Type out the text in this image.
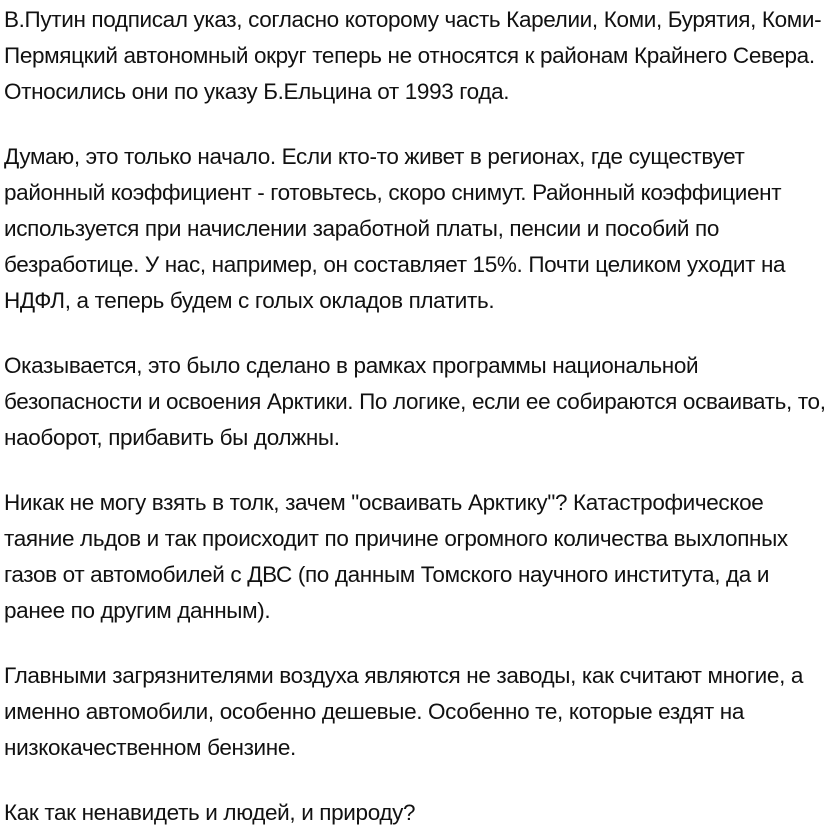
В.Путин подписал указ, согласно которому часть Карелии, Коми, Бурятия, Коми-Пермяцкий автономный округ теперь не относятся к районам Крайнего Севера. Относились они по указу Б.Ельцина от 1993 года.

Думаю, это только начало. Если кто-то живет в регионах, где существует районный коэффициент - готовьтесь, скоро снимут. Районный коэффициент используется при начислении заработной платы, пенсии и пособий по безработице. У нас, например, он составляет 15%. Почти целиком уходит на НДФЛ, а теперь будем с голых окладов платить.

Оказывается, это было сделано в рамках программы национальной безопасности и освоения Арктики. По логике, если ее собираются осваивать, то, наоборот, прибавить бы должны.

Никак не могу взять в толк, зачем "осваивать Арктику"? Катастрофическое таяние льдов и так происходит по причине огромного количества выхлопных газов от автомобилей с ДВС (по данным Томского научного института, да и ранее по другим данным).

Главными загрязнителями воздуха являются не заводы, как считают многие, а именно автомобили, особенно дешевые. Особенно те, которые ездят на низкокачественном бензине.

Как так ненавидеть и людей, и природу?
